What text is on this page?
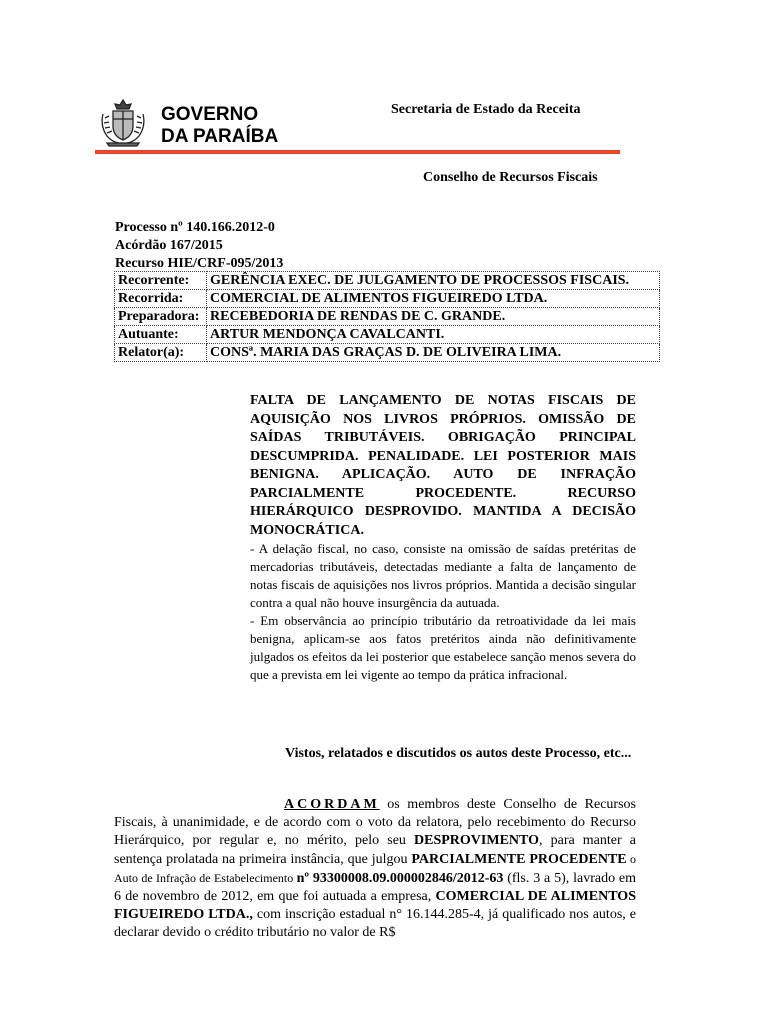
GOVERNO
DA PARAÍBA
Secretaria de Estado da Receita
Conselho de Recursos Fiscais
Processo nº 140.166.2012-0
Acórdão 167/2015
Recurso HIE/CRF-095/2013
Recorrente:	GERÊNCIA EXEC. DE JULGAMENTO DE PROCESSOS FISCAIS.
Recorrida:	COMERCIAL DE ALIMENTOS FIGUEIREDO LTDA.
Preparadora:	RECEBEDORIA DE RENDAS DE C. GRANDE.
Autuante:	ARTUR MENDONÇA CAVALCANTI.
Relator(a):	CONSª. MARIA DAS GRAÇAS D. DE OLIVEIRA LIMA.
FALTA DE LANÇAMENTO DE NOTAS FISCAIS DE AQUISIÇÃO NOS LIVROS PRÓPRIOS. OMISSÃO DE SAÍDAS TRIBUTÁVEIS. OBRIGAÇÃO PRINCIPAL DESCUMPRIDA. PENALIDADE. LEI POSTERIOR MAIS BENIGNA. APLICAÇÃO. AUTO DE INFRAÇÃO PARCIALMENTE PROCEDENTE. RECURSO HIERÁRQUICO DESPROVIDO. MANTIDA A DECISÃO MONOCRÁTICA.

- A delação fiscal, no caso, consiste na omissão de saídas pretéritas de mercadorias tributáveis, detectadas mediante a falta de lançamento de notas fiscais de aquisições nos livros próprios. Mantida a decisão singular contra a qual não houve insurgência da autuada.

- Em observância ao princípio tributário da retroatividade da lei mais benigna, aplicam-se aos fatos pretéritos ainda não definitivamente julgados os efeitos da lei posterior que estabelece sanção menos severa do que a prevista em lei vigente ao tempo da prática infracional.

Vistos, relatados e discutidos os autos deste Processo, etc...
ACORDAM os membros deste Conselho de Recursos Fiscais, à unanimidade, e de acordo com o voto da relatora, pelo recebimento do Recurso Hierárquico, por regular e, no mérito, pelo seu DESPROVIMENTO, para manter a sentença prolatada na primeira instância, que julgou PARCIALMENTE PROCEDENTE o Auto de Infração de Estabelecimento nº 93300008.09.000002846/2012-63 (fls. 3 a 5), lavrado em 6 de novembro de 2012, em que foi autuada a empresa, COMERCIAL DE ALIMENTOS FIGUEIREDO LTDA., com inscrição estadual n° 16.144.285-4, já qualificado nos autos, e declarar devido o crédito tributário no valor de R$
